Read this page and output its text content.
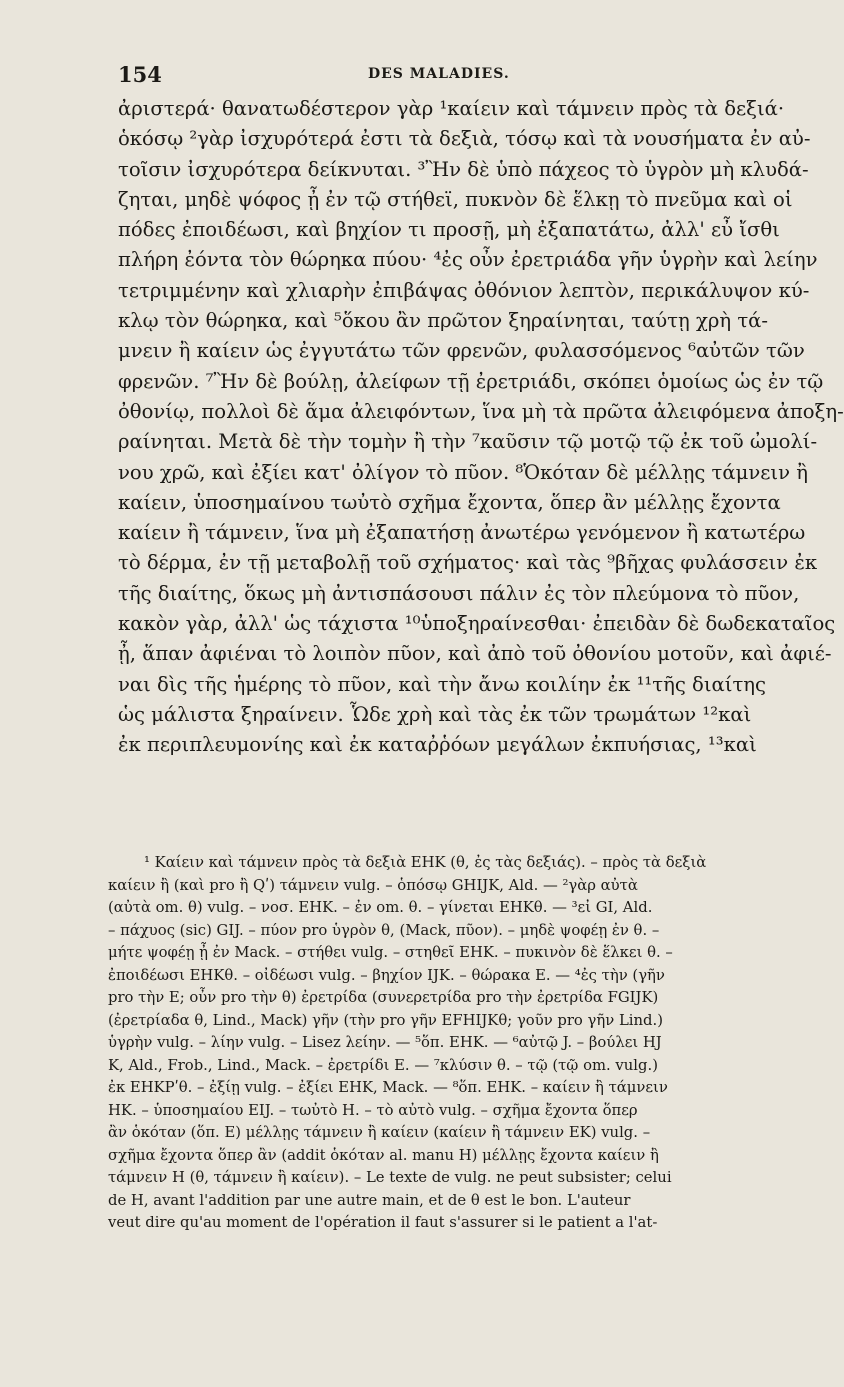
154	DES MALADIES.
ἀριστερά· θανατωδέστερον γὰρ ¹καίειν καὶ τάμνειν πρὸς τὰ δεξιά·
ὁκόσῳ ²γὰρ ἰσχυρότερά ἐστι τὰ δεξιὰ, τόσῳ καὶ τὰ νουσήματα ἐν αὐ-
τοῖσιν ἰσχυρότερα δείκνυται. ³Ἢν δὲ ὑπὸ πάχεος τὸ ὑγρὸν μὴ κλυδά-
ζηται, μηδὲ ψόφος ᾖ ἐν τῷ στήθεϊ, πυκνὸν δὲ ἕλκῃ τὸ πνεῦμα καὶ οἱ
πόδες ἐποιδέωσι, καὶ βηχίον τι προσῇ, μὴ ἐξαπατάτω, ἀλλ' εὖ ἴσθι
πλήρη ἐόντα τὸν θώρηκα πύου· ⁴ἐς οὖν ἐρετριάδα γῆν ὑγρὴν καὶ λείην
τετριμμένην καὶ χλιαρὴν ἐπιβάψας ὀθόνιον λεπτὸν, περικάλυψον κύ-
κλῳ τὸν θώρηκα, καὶ ⁵ὅκου ἂν πρῶτον ξηραίνηται, ταύτῃ χρὴ τά-
μνειν ἢ καίειν ὡς ἐγγυτάτω τῶν φρενῶν, φυλασσόμενος ⁶αὐτῶν τῶν
φρενῶν. ⁷Ἢν δὲ βούλῃ, ἀλείφων τῇ ἐρετριάδι, σκόπει ὁμοίως ὡς ἐν τῷ
ὀθονίῳ, πολλοὶ δὲ ἅμα ἀλειφόντων, ἵνα μὴ τὰ πρῶτα ἀλειφόμενα ἀποξη-
ραίνηται. Μετὰ δὲ τὴν τομὴν ἢ τὴν ⁷καῦσιν τῷ μοτῷ τῷ ἐκ τοῦ ὠμολί-
νου χρῶ, καὶ ἐξίει κατ' ὀλίγον τὸ πῦον. ⁸Ὁκόταν δὲ μέλλῃς τάμνειν ἢ
καίειν, ὑποσημαίνου τωὐτὸ σχῆμα ἔχοντα, ὅπερ ἂν μέλλῃς ἔχοντα
καίειν ἢ τάμνειν, ἵνα μὴ ἐξαπατήσῃ ἀνωτέρω γενόμενον ἢ κατωτέρω
τὸ δέρμα, ἐν τῇ μεταβολῇ τοῦ σχήματος· καὶ τὰς ⁹βῆχας φυλάσσειν ἐκ
τῆς διαίτης, ὅκως μὴ ἀντισπάσουσι πάλιν ἐς τὸν πλεύμονα τὸ πῦον,
κακὸν γὰρ, ἀλλ' ὡς τάχιστα ¹⁰ὑποξηραίνεσθαι· ἐπειδὰν δὲ δωδεκαταῖος
ᾖ, ἅπαν ἀφιέναι τὸ λοιπὸν πῦον, καὶ ἀπὸ τοῦ ὀθονίου μοτοῦν, καὶ ἀφιέ-
ναι δὶς τῆς ἡμέρης τὸ πῦον, καὶ τὴν ἄνω κοιλίην ἐκ ¹¹τῆς διαίτης
ὡς μάλιστα ξηραίνειν. Ὧδε χρὴ καὶ τὰς ἐκ τῶν τρωμάτων ¹²καὶ
ἐκ περιπλευμονίης καὶ ἐκ καταῤῥόων μεγάλων ἐκπυήσιας, ¹³καὶ
¹ Καίειν καὶ τάμνειν πρὸς τὰ δεξιὰ EHK (θ, ἐς τὰς δεξιάς). – πρὸς τὰ δεξιὰ
καίειν ἢ (καὶ pro ἢ Qʹ) τάμνειν vulg. – ὁπόσῳ GHIJK, Ald. — ²γὰρ αὐτὰ
(αὐτὰ om. θ) vulg. – νοσ. EHK. – ἐν om. θ. – γίνεται EHKθ. — ³εἰ GI, Ald.
– πάχυος (sic) GIJ. – πύον pro ὑγρὸν θ, (Mack, πῦον). – μηδὲ ψοφέῃ ἐν θ. –
μήτε ψοφέῃ ᾖ ἐν Mack. – στήθει vulg. – στηθεῖ EHK. – πυκινὸν δὲ ἕλκει θ. –
ἐποιδέωσι EHKθ. – οἰδέωσι vulg. – βηχίον IJK. – θώρακα E. — ⁴ἐς τὴν (γῆν
pro τὴν E; οὖν pro τὴν θ) ἐρετρίδα (συνερετρίδα pro τὴν ἐρετρίδα FGIJK)
(ἐρετρίαδα θ, Lind., Mack) γῆν (τὴν pro γῆν EFHIJKθ; γοῦν pro γῆν Lind.)
ὑγρὴν vulg. – λίην vulg. – Lisez λείην. — ⁵ὅπ. EHK. — ⁶αὐτῷ J. – βούλει HJ
K, Ald., Frob., Lind., Mack. – ἐρετρίδι E. — ⁷κλύσιν θ. – τῷ (τῷ om. vulg.)
ἐκ EHKPʹθ. – ἐξίῃ vulg. – ἐξίει EHK, Mack. — ⁸ὅπ. EHK. – καίειν ἢ τάμνειν
HK. – ὑποσημαίου EIJ. – τωὐτὸ H. – τὸ αὐτὸ vulg. – σχῆμα ἔχοντα ὅπερ
ἂν ὁκόταν (ὅπ. E) μέλλῃς τάμνειν ἢ καίειν (καίειν ἢ τάμνειν EK) vulg. –
σχῆμα ἔχοντα ὅπερ ἂν (addit ὁκόταν al. manu H) μέλλῃς ἔχοντα καίειν ἢ
τάμνειν H (θ, τάμνειν ἢ καίειν). – Le texte de vulg. ne peut subsister; celui
de H, avant l'addition par une autre main, et de θ est le bon. L'auteur
veut dire qu'au moment de l'opération il faut s'assurer si le patient a l'at-
